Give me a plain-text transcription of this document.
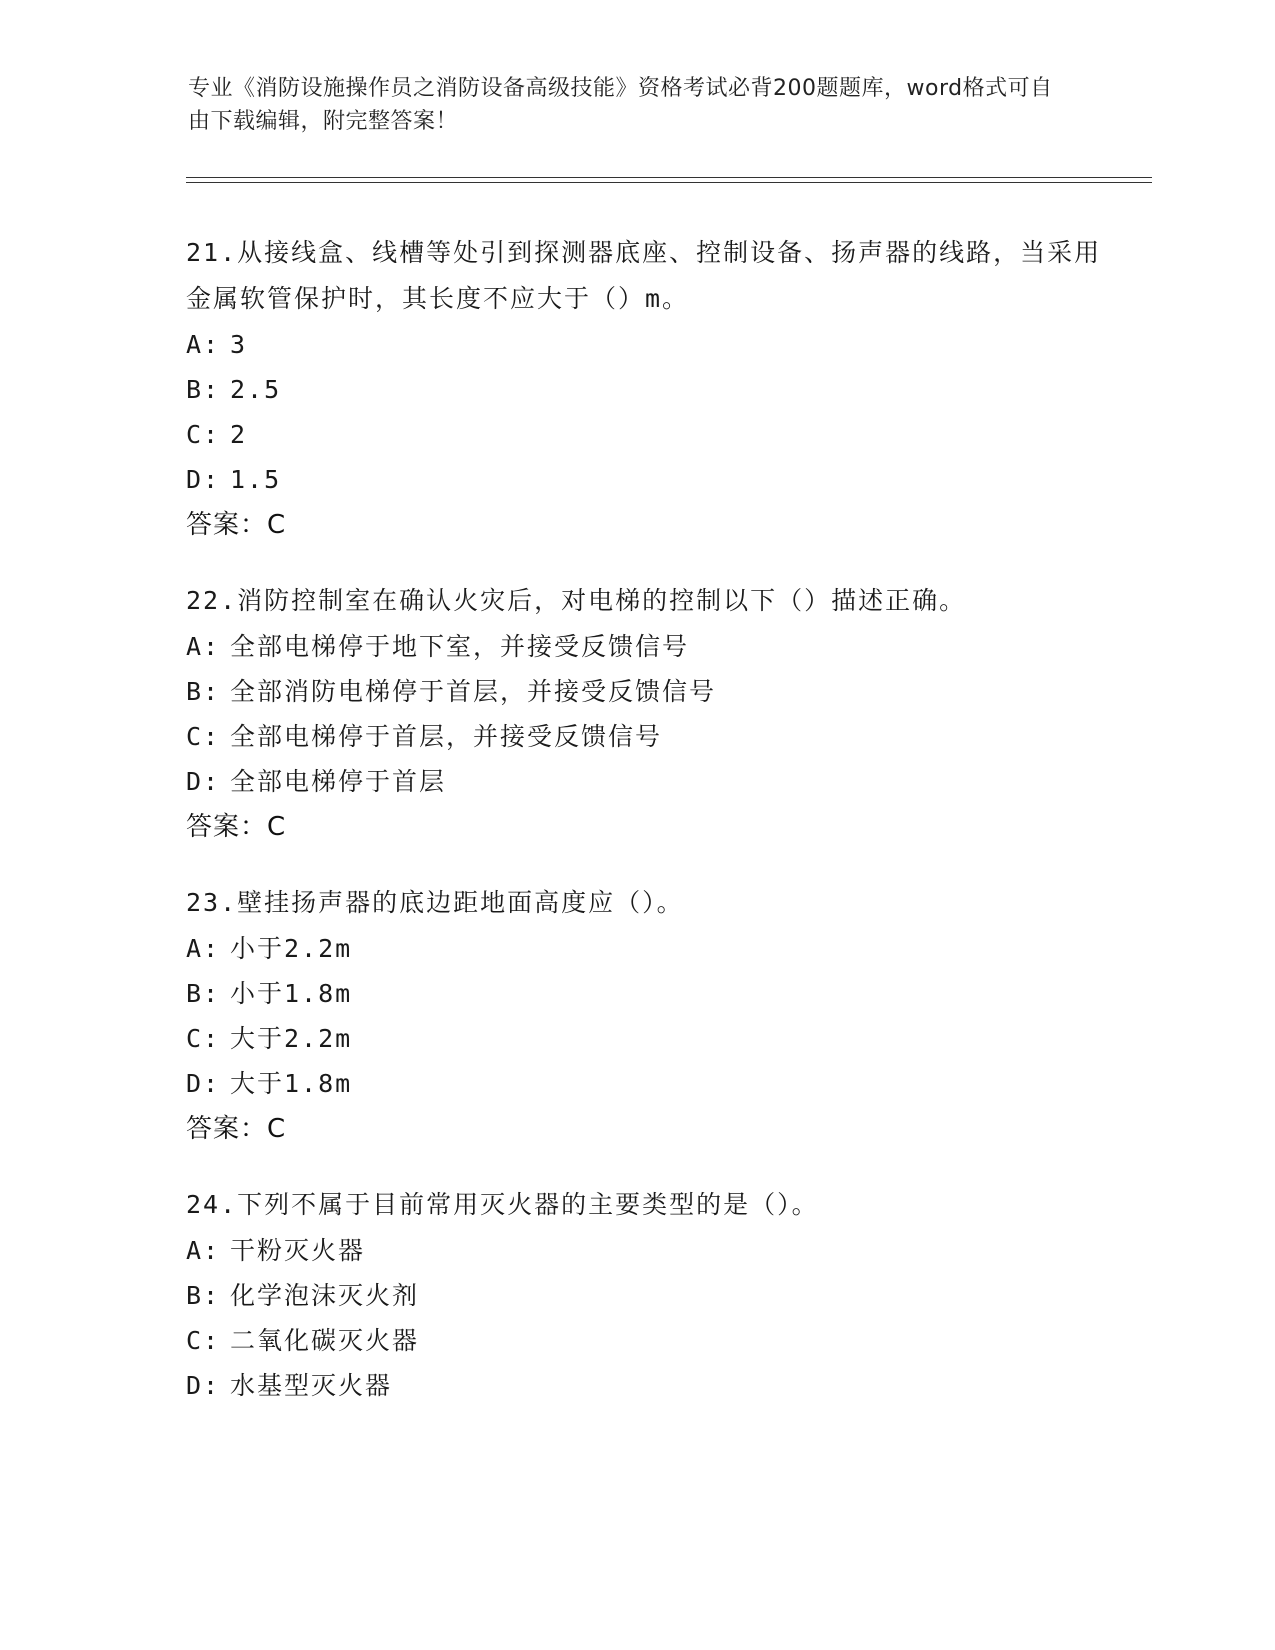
专业《消防设施操作员之消防设备高级技能》资格考试必背200题题库，word格式可自由下载编辑，附完整答案！

21.从接线盒、线槽等处引到探测器底座、控制设备、扬声器的线路，当采用金属软管保护时，其长度不应大于（）m。

A: 3
B: 2.5
C: 2
D: 1.5
答案：C

22.消防控制室在确认火灾后，对电梯的控制以下（）描述正确。

A: 全部电梯停于地下室，并接受反馈信号
B: 全部消防电梯停于首层，并接受反馈信号
C: 全部电梯停于首层，并接受反馈信号
D: 全部电梯停于首层
答案：C

23.壁挂扬声器的底边距地面高度应（）。

A: 小于2.2m
B: 小于1.8m
C: 大于2.2m
D: 大于1.8m
答案：C

24.下列不属于目前常用灭火器的主要类型的是（）。

A: 干粉灭火器
B: 化学泡沫灭火剂
C: 二氧化碳灭火器
D: 水基型灭火器
